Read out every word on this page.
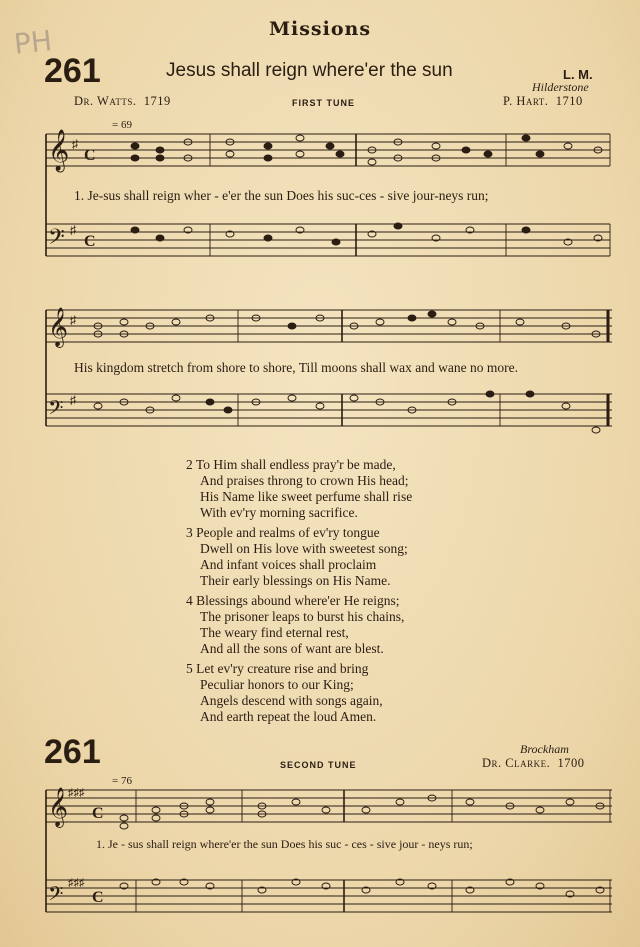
PH	Missions
261	Jesus shall reign where'er the sun	L. M.
Hilderstone
Dr. Watts. 1719	FIRST TUNE	P. Hart. 1710
𝄞
𝄢
♯
♯
C
C
= 69
1. Je-sus shall reign wher - e'er the sun Does his suc-ces - sive jour-neys run;
𝄞
𝄢
♯
♯
His kingdom stretch from shore to shore, Till moons shall wax and wane no more.
2 To Him shall endless pray'r be made,
And praises throng to crown His head;
His Name like sweet perfume shall rise
With ev'ry morning sacrifice.
3 People and realms of ev'ry tongue
Dwell on His love with sweetest song;
And infant voices shall proclaim
Their early blessings on His Name.
4 Blessings abound where'er He reigns;
The prisoner leaps to burst his chains,
The weary find eternal rest,
And all the sons of want are blest.
5 Let ev'ry creature rise and bring
Peculiar honors to our King;
Angels descend with songs again,
And earth repeat the loud Amen.
261	Brockham
SECOND TUNE	Dr. Clarke. 1700
𝄞
𝄢
♯♯♯
♯♯♯
C
C
= 76
1. Je - sus shall reign where'er the sun Does his suc - ces - sive jour - neys run;
